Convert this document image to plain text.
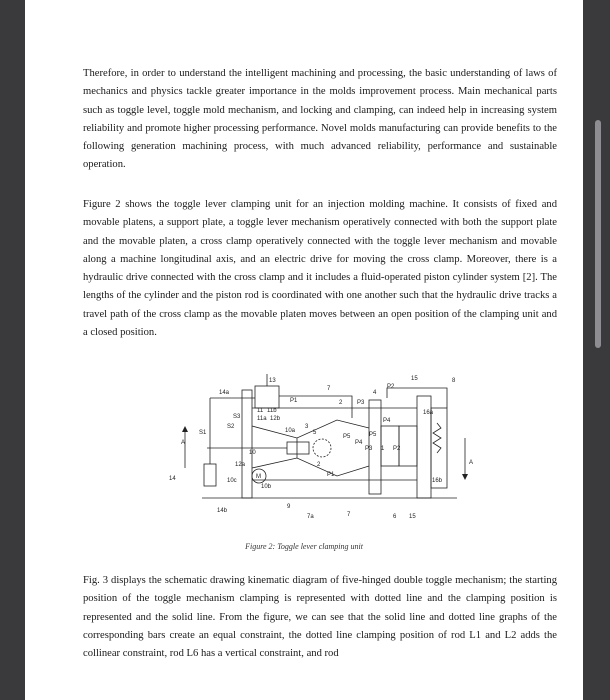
Therefore, in order to understand the intelligent machining and processing, the basic understanding of laws of mechanics and physics tackle greater importance in the molds improvement process. Main mechanical parts such as toggle level, toggle mold mechanism, and locking and clamping, can indeed help in increasing system reliability and promote higher processing performance. Novel molds manufacturing can provide benefits to the following generation machining process, with much advanced reliability, performance and sustainable operation.

Figure 2 shows the toggle lever clamping unit for an injection molding machine. It consists of fixed and movable platens, a support plate, a toggle lever mechanism operatively connected with both the support plate and the movable platen, a cross clamp operatively connected with the toggle lever mechanism and movable along a machine longitudinal axis, and an electric drive for moving the cross clamp. Moreover, there is a hydraulic drive connected with the cross clamp and it includes a fluid-operated piston cylinder system [2]. The lengths of the cylinder and the piston rod is coordinated with one another such that the hydraulic drive tracks a travel path of the cross clamp as the movable platen moves between an open position of the clamping unit and a closed position.

13
14a
11 11b
11a 12b
P1
7
2 P3
4
P2
15	8
16a
S3
S2
S1	10a
3
5
P4
P5	P5
P4
P3 1 P2
10
12a
M
10c
10b
14
2
P1
16b
14b
9
7a	7	6 15
A
A
Figure 2: Toggle lever clamping unit

Fig. 3 displays the schematic drawing kinematic diagram of five-hinged double toggle mechanism; the starting position of the toggle mechanism clamping is represented with dotted line and the clamping position is represented and the solid line. From the figure, we can see that the solid line and dotted line graphs of the corresponding bars create an equal constraint, the dotted line clamping position of rod L1 and L2 adds the collinear constraint, rod L6 has a vertical constraint, and rod
